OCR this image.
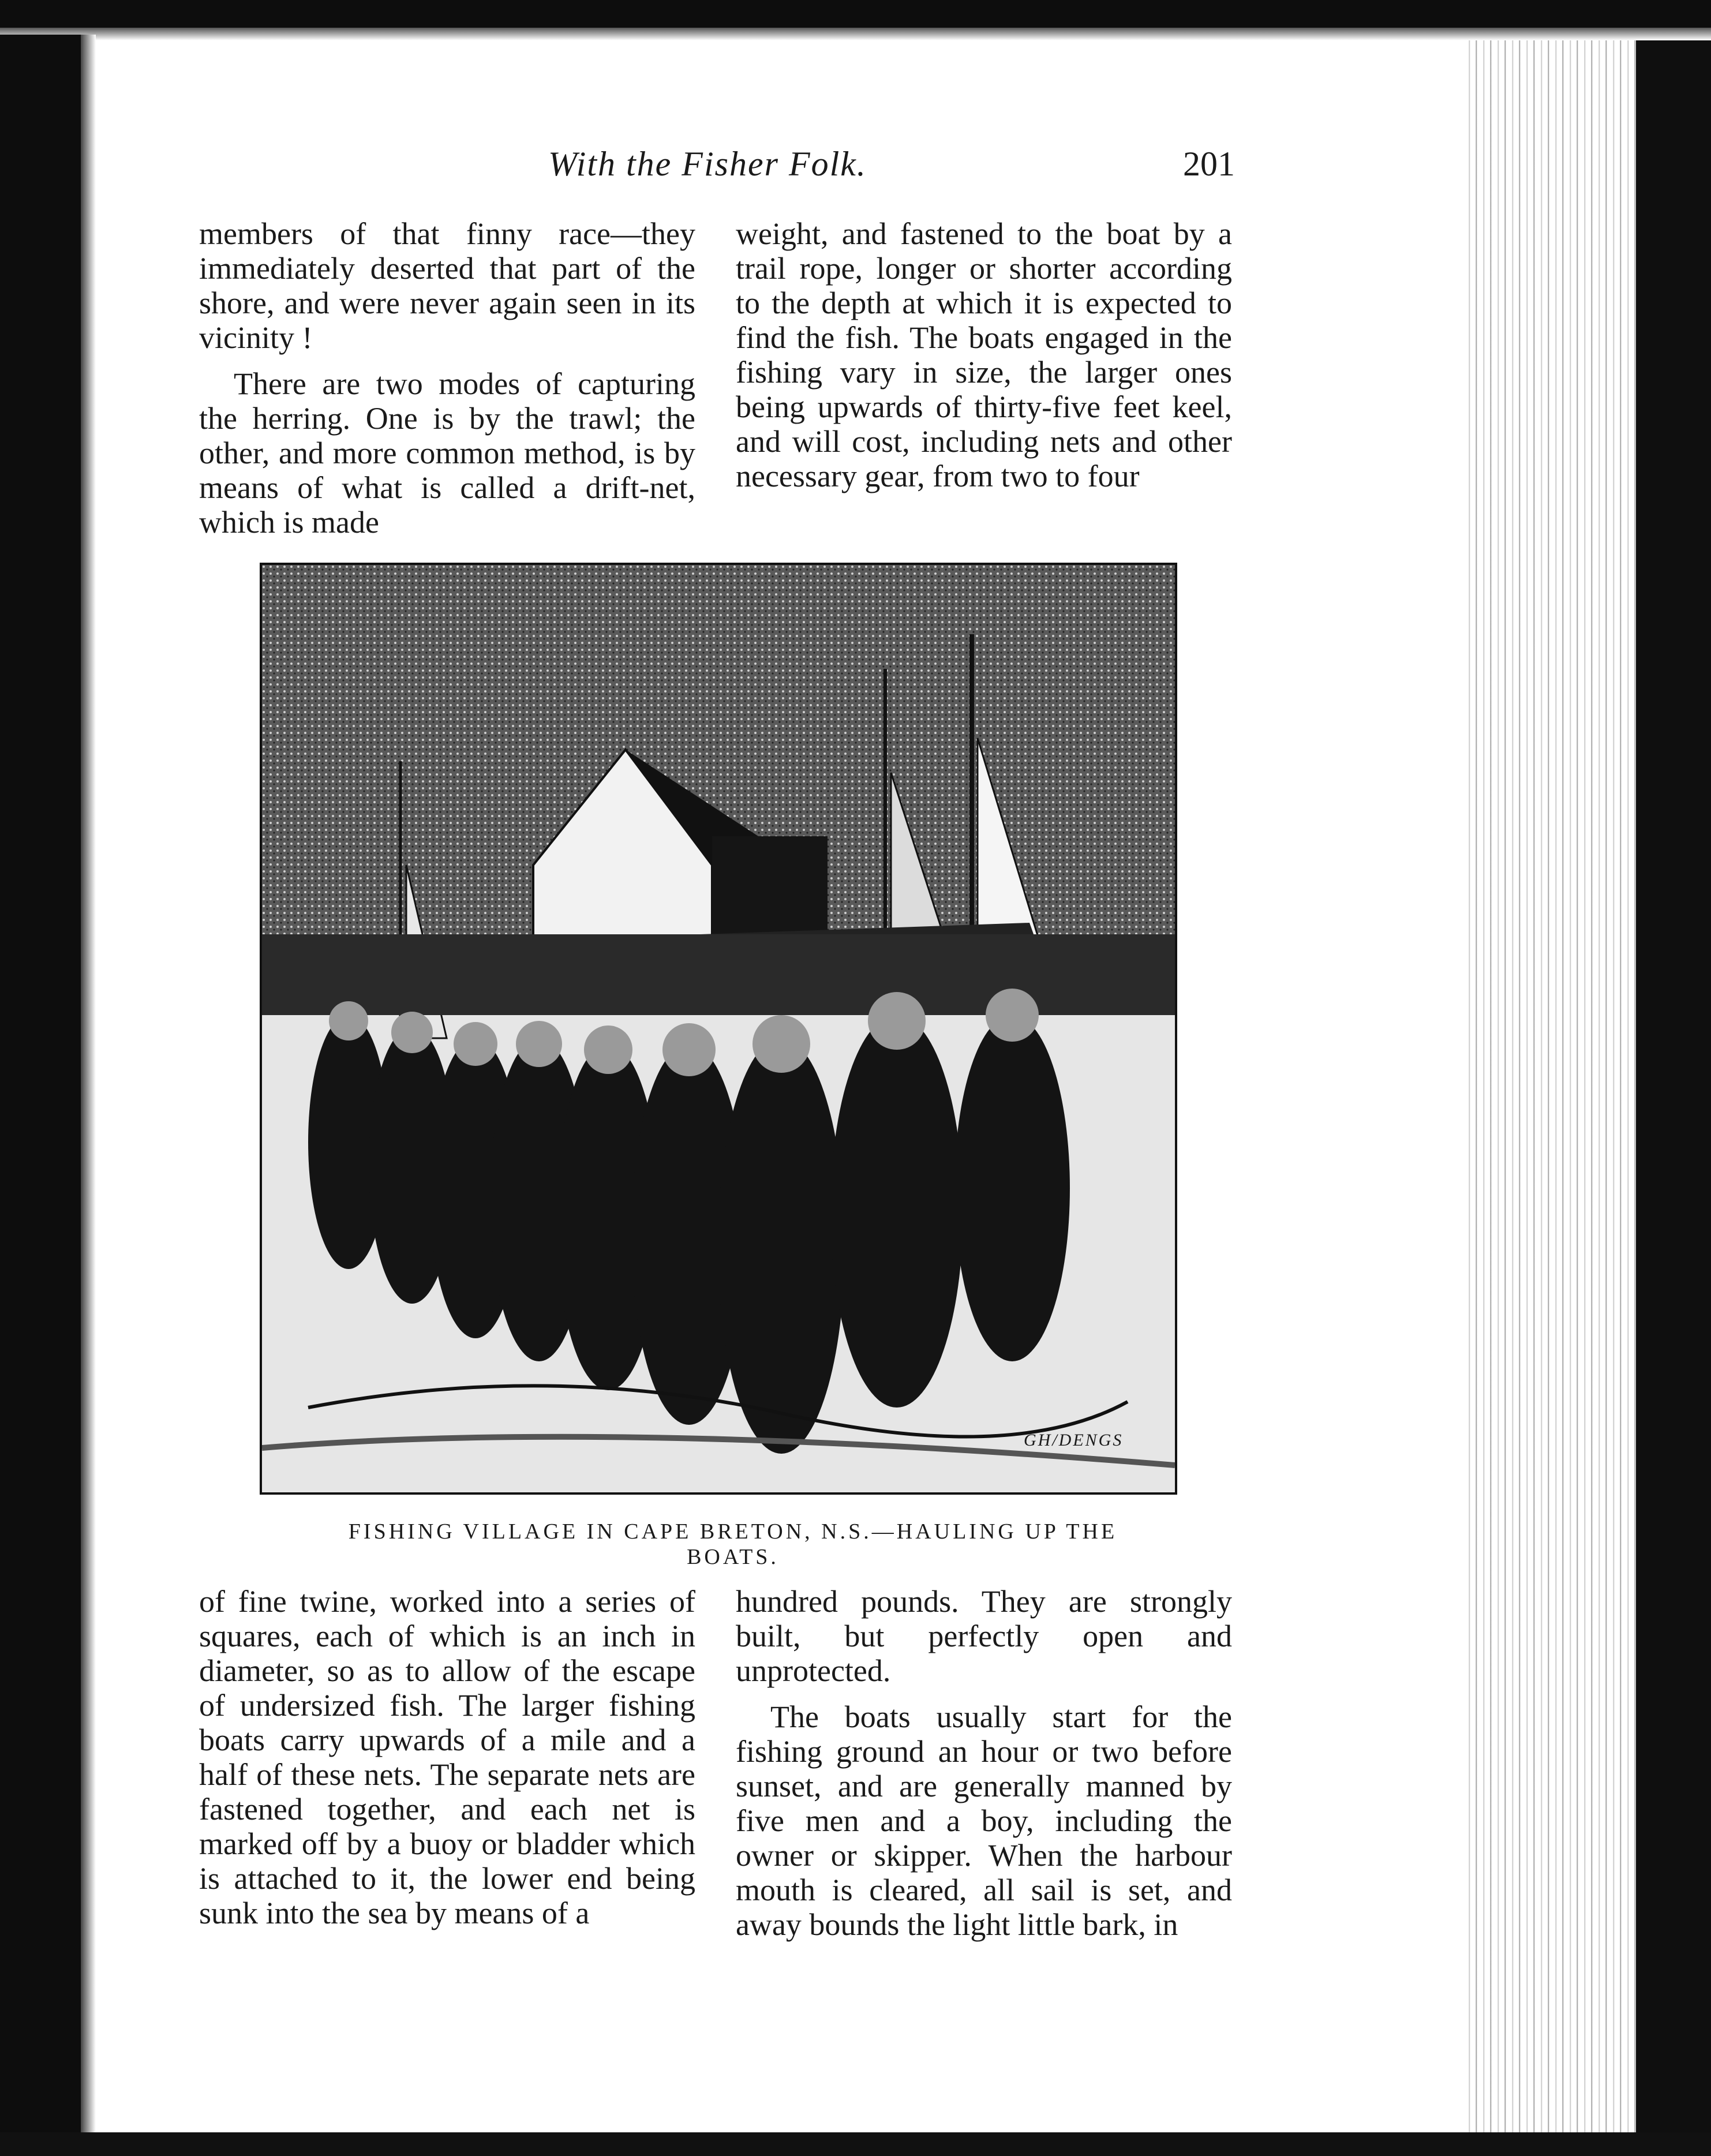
With the Fisher Folk.	201

members of that finny race—they immediately deserted that part of the shore, and were never again seen in its vicinity !

There are two modes of capturing the herring. One is by the trawl; the other, and more common method, is by means of what is called a drift-net, which is made

weight, and fastened to the boat by a trail rope, longer or shorter according to the depth at which it is expected to find the fish. The boats engaged in the fishing vary in size, the larger ones being upwards of thirty-five feet keel, and will cost, including nets and other necessary gear, from two to four

GH/DENGS
FISHING VILLAGE IN CAPE BRETON, N.S.—HAULING UP THE BOATS.

of fine twine, worked into a series of squares, each of which is an inch in diameter, so as to allow of the escape of undersized fish. The larger fishing boats carry upwards of a mile and a half of these nets. The separate nets are fastened together, and each net is marked off by a buoy or bladder which is attached to it, the lower end being sunk into the sea by means of a

hundred pounds. They are strongly built, but perfectly open and unprotected.

The boats usually start for the fishing ground an hour or two before sunset, and are generally manned by five men and a boy, including the owner or skipper. When the harbour mouth is cleared, all sail is set, and away bounds the light little bark, in
